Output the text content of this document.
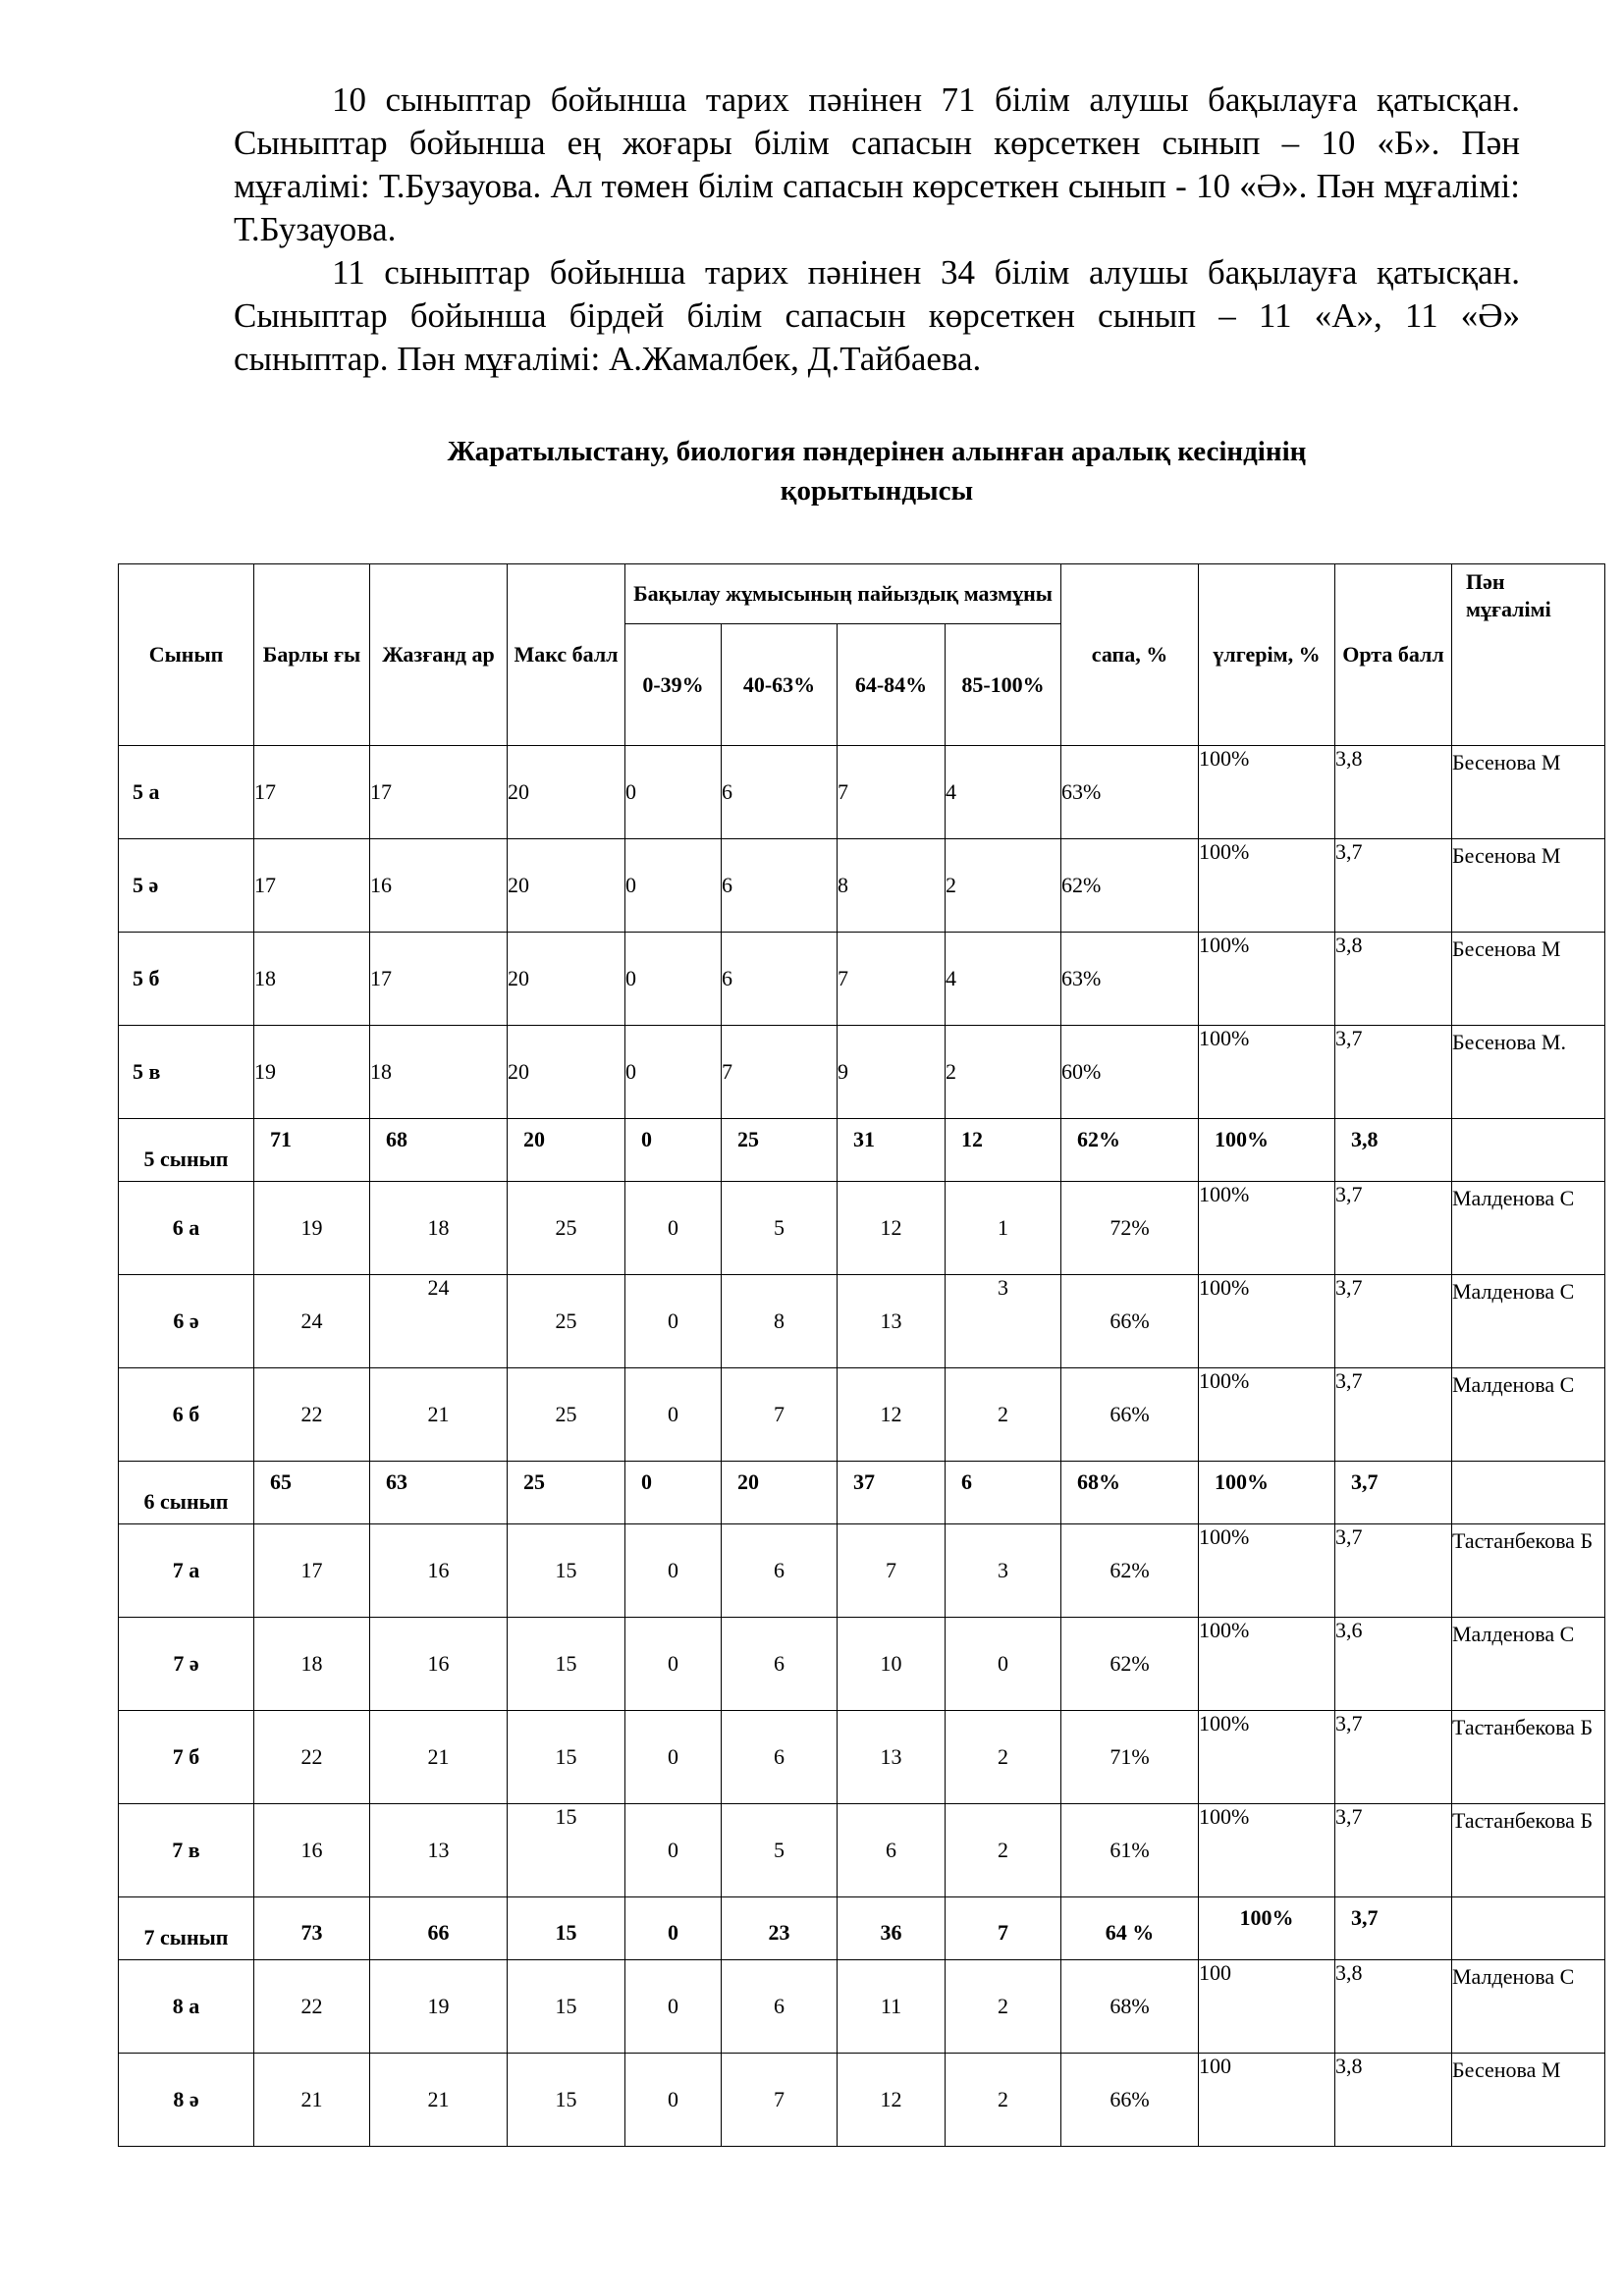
10 сыныптар бойынша тарих пәнінен 71 білім алушы бақылауға қатысқан. Сыныптар бойынша ең жоғары білім сапасын көрсеткен сынып – 10 «Б». Пән мұғалімі: Т.Бузауова. Ал төмен білім сапасын көрсеткен сынып - 10 «Ә». Пән мұғалімі: Т.Бузауова.

11 сыныптар бойынша тарих пәнінен 34 білім алушы бақылауға қатысқан. Сыныптар бойынша бірдей білім сапасын көрсеткен сынып – 11 «А», 11 «Ә» сыныптар. Пән мұғалімі: А.Жамалбек, Д.Тайбаева.

Жаратылыстану, биология пәндерінен алынған аралық кесіндінің
қорытындысы
Сынып	Барлы ғы	Жазғанд ар	Макс балл	Бақылау жұмысының пайыздық мазмұны				сапа, %	үлгерім, %	Орта балл	Пән мұғалімі
				0-39%	40-63%	64-84%	85-100%				
5 а	17	17	20	0	6	7	4	63%	100%	3,8	Бесенова М
5 ә	17	16	20	0	6	8	2	62%	100%	3,7	Бесенова М
5 б	18	17	20	0	6	7	4	63%	100%	3,8	Бесенова М
5 в	19	18	20	0	7	9	2	60%	100%	3,7	Бесенова М.
5 сынып	71	68	20	0	25	31	12	62%	100%	3,8	
6 а	19	18	25	0	5	12	1	72%	100%	3,7	Малденова С
6 ә	24	24	25	0	8	13	3	66%	100%	3,7	Малденова С
6 б	22	21	25	0	7	12	2	66%	100%	3,7	Малденова С
6 сынып	65	63	25	0	20	37	6	68%	100%	3,7	
7 а	17	16	15	0	6	7	3	62%	100%	3,7	Тастанбекова Б
7 ә	18	16	15	0	6	10	0	62%	100%	3,6	Малденова С
7 б	22	21	15	0	6	13	2	71%	100%	3,7	Тастанбекова Б
7 в	16	13	15	0	5	6	2	61%	100%	3,7	Тастанбекова Б
7 сынып	73	66	15	0	23	36	7	64 %	100%	3,7	
8 а	22	19	15	0	6	11	2	68%	100	3,8	Малденова С
8 ә	21	21	15	0	7	12	2	66%	100	3,8	Бесенова М
